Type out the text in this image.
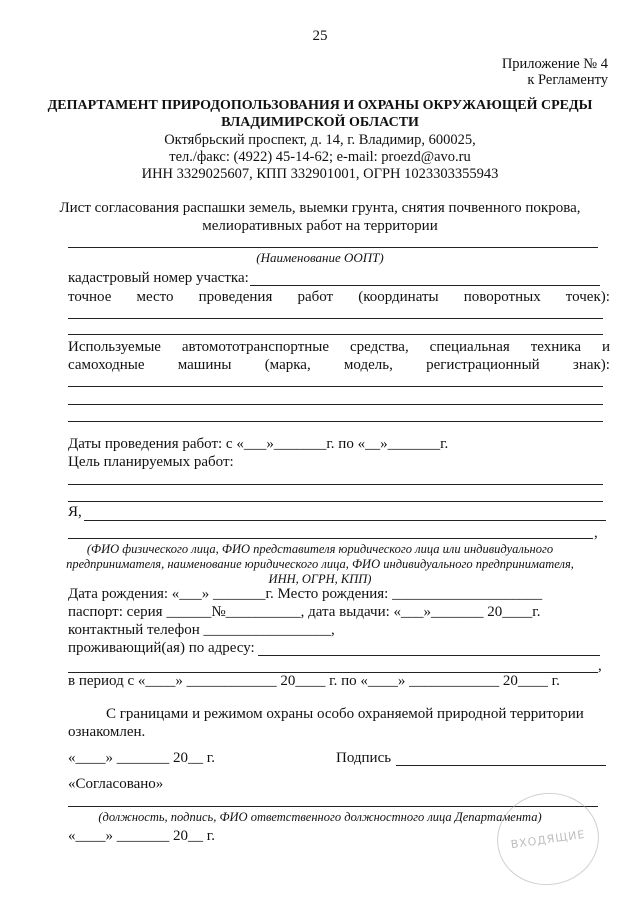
25
Приложение № 4
к Регламенту
ДЕПАРТАМЕНТ ПРИРОДОПОЛЬЗОВАНИЯ И ОХРАНЫ ОКРУЖАЮЩЕЙ СРЕДЫ
ВЛАДИМИРСКОЙ ОБЛАСТИ
Октябрьский проспект, д. 14, г. Владимир, 600025,
тел./факс: (4922) 45-14-62; e-mail: proezd@avo.ru
ИНН 3329025607, КПП 332901001, ОГРН 1023303355943
Лист согласования распашки земель, выемки грунта, снятия почвенного покрова,
мелиоративных работ на территории
(Наименование ООПТ)
кадастровый номер участка:
точное место проведения работ (координаты поворотных точек):
Используемые автомототранспортные средства, специальная техника и
самоходные машины (марка, модель, регистрационный знак):
Даты проведения работ: с «___»_______г. по «__»_______г.
Цель планируемых работ:
Я,
,
(ФИО физического лица, ФИО представителя юридического лица или индивидуального
предпринимателя, наименование юридического лица, ФИО индивидуального предпринимателя,
ИНН, ОГРН, КПП)
Дата рождения: «___» _______г. Место рождения: ____________________
паспорт: серия ______№__________, дата выдачи: «___»_______ 20____г.
контактный телефон _________________,
проживающий(ая) по адресу:
,
в период с «____» ____________ 20____ г. по «____» ____________ 20____ г.
С границами и режимом охраны особо охраняемой природной территории
ознакомлен.
«____» _______ 20__ г.	Подпись
«Согласовано»
(должность, подпись, ФИО ответственного должностного лица Департамента)
«____» _______ 20__ г.	ВХОДЯЩИЕ
